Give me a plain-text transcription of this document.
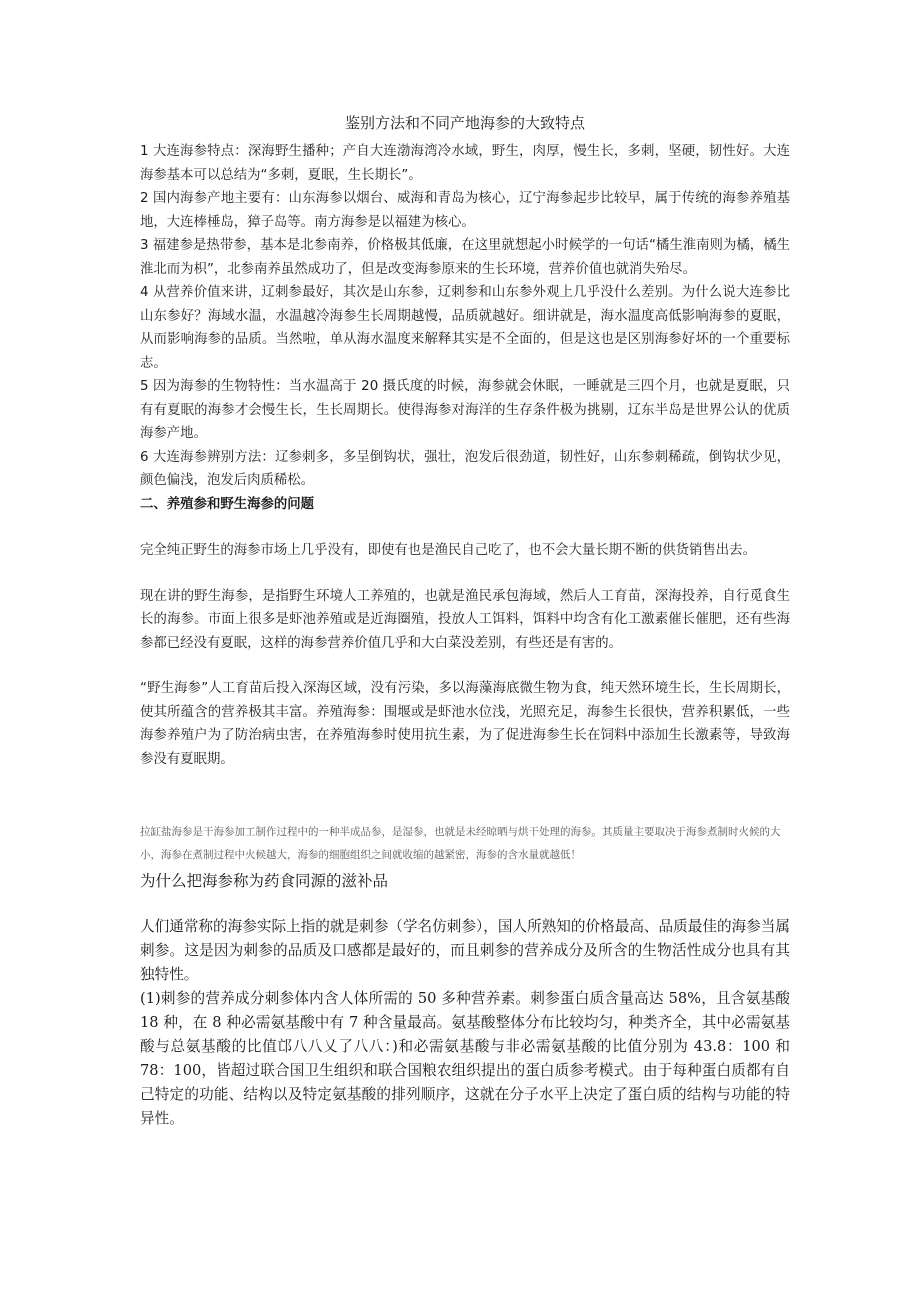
鉴别方法和不同产地海参的大致特点

1 大连海参特点：深海野生播种；产自大连渤海湾冷水域，野生，肉厚，慢生长，多刺，坚硬，韧性好。大连海参基本可以总结为“多刺，夏眠，生长期长”。

2 国内海参产地主要有：山东海参以烟台、威海和青岛为核心，辽宁海参起步比较早，属于传统的海参养殖基地，大连棒棰岛，獐子岛等。南方海参是以福建为核心。

3 福建参是热带参，基本是北参南养，价格极其低廉，在这里就想起小时候学的一句话“橘生淮南则为橘，橘生淮北而为枳”，北参南养虽然成功了，但是改变海参原来的生长环境，营养价值也就消失殆尽。

4 从营养价值来讲，辽刺参最好，其次是山东参，辽刺参和山东参外观上几乎没什么差别。为什么说大连参比山东参好？海域水温，水温越冷海参生长周期越慢，品质就越好。细讲就是，海水温度高低影响海参的夏眠，从而影响海参的品质。当然啦，单从海水温度来解释其实是不全面的，但是这也是区别海参好坏的一个重要标志。

5 因为海参的生物特性：当水温高于 20 摄氏度的时候，海参就会休眠，一睡就是三四个月，也就是夏眠，只有有夏眠的海参才会慢生长，生长周期长。使得海参对海洋的生存条件极为挑剔，辽东半岛是世界公认的优质海参产地。

6 大连海参辨别方法：辽参刺多，多呈倒钩状，强壮，泡发后很劲道，韧性好，山东参刺稀疏，倒钩状少见，颜色偏浅，泡发后肉质稀松。

二、养殖参和野生海参的问题

完全纯正野生的海参市场上几乎没有，即使有也是渔民自己吃了，也不会大量长期不断的供货销售出去。

现在讲的野生海参，是指野生环境人工养殖的，也就是渔民承包海域，然后人工育苗，深海投养，自行觅食生长的海参。市面上很多是虾池养殖或是近海圈殖，投放人工饵料，饵料中均含有化工激素催长催肥，还有些海参都已经没有夏眠，这样的海参营养价值几乎和大白菜没差别，有些还是有害的。

“野生海参”人工育苗后投入深海区域，没有污染，多以海藻海底微生物为食，纯天然环境生长，生长周期长，使其所蕴含的营养极其丰富。养殖海参：围堰或是虾池水位浅，光照充足，海参生长很快，营养积累低，一些海参养殖户为了防治病虫害，在养殖海参时使用抗生素，为了促进海参生长在饲料中添加生长激素等，导致海参没有夏眠期。

拉缸盐海参是干海参加工制作过程中的一种半成品参，是湿参，也就是未经晾晒与烘干处理的海参。其质量主要取决于海参煮制时火候的大小，海参在煮制过程中火候越大，海参的细胞组织之间就收缩的越紧密，海参的含水量就越低！

为什么把海参称为药食同源的滋补品

人们通常称的海参实际上指的就是刺参（学名仿刺参），国人所熟知的价格最高、品质最佳的海参当属刺参。这是因为刺参的品质及口感都是最好的，而且刺参的营养成分及所含的生物活性成分也具有其独特性。

(1)刺参的营养成分刺参体内含人体所需的 50 多种营养素。刺参蛋白质含量高达 58%，且含氨基酸 18 种，在 8 种必需氨基酸中有 7 种含量最高。氨基酸整体分布比较均匀，种类齐全，其中必需氨基酸与总氨基酸的比值邙八八乂了八八：)和必需氨基酸与非必需氨基酸的比值分别为 43.8：100 和 78：100，皆超过联合国卫生组织和联合国粮农组织提出的蛋白质参考模式。由于每种蛋白质都有自己特定的功能、结构以及特定氨基酸的排列顺序，这就在分子水平上决定了蛋白质的结构与功能的特异性。
